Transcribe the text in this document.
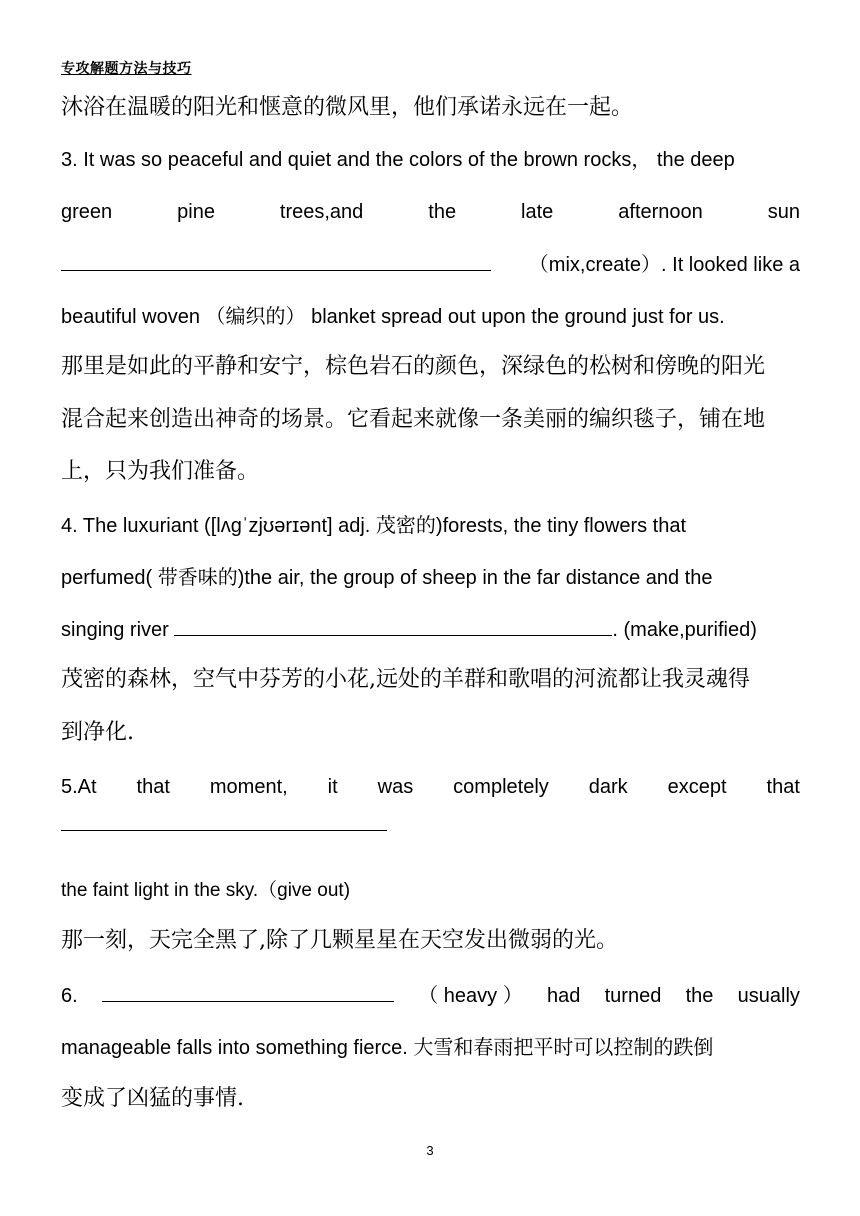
专攻解题方法与技巧
沐浴在温暖的阳光和惬意的微风里，他们承诺永远在一起。
3. It was so peaceful and quiet and the colors of the brown rocks， the deep
green	pine	trees,and	the	late	afternoon	sun
（mix,create）. It looked like a
beautiful woven （编织的） blanket spread out upon the ground just for us.
那里是如此的平静和安宁，棕色岩石的颜色，深绿色的松树和傍晚的阳光
混合起来创造出神奇的场景。它看起来就像一条美丽的编织毯子，铺在地
上，只为我们准备。
4. The luxuriant ([lʌɡˈzjʊərɪənt] adj. 茂密的)forests, the tiny flowers that
perfumed( 带香味的)the air, the group of sheep in the far distance and the
singing river	. (make,purified)
茂密的森林，空气中芬芳的小花,远处的羊群和歌唱的河流都让我灵魂得
到净化.
5.At that moment, it was completely dark except that
the faint light in the sky.（give out)
那一刻，天完全黑了,除了几颗星星在天空发出微弱的光。
6.	（ heavy ） had turned the usually
manageable falls into something fierce. 大雪和春雨把平时可以控制的跌倒
变成了凶猛的事情.
3
